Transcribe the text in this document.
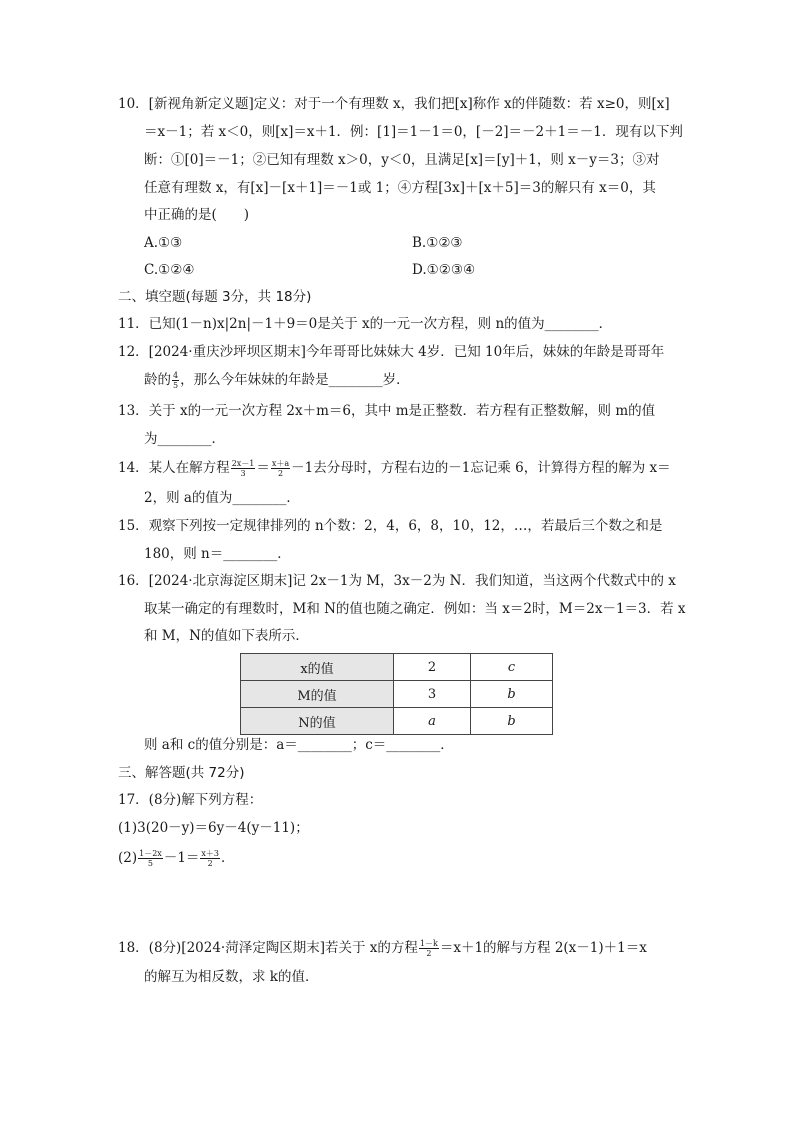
10．[新视角新定义题]定义：对于一个有理数 x，我们把[x]称作 x的伴随数：若 x≥0，则[x]
＝x－1；若 x＜0，则[x]＝x＋1．例：[1]＝1－1＝0，[－2]＝－2＋1＝－1．现有以下判
断：①[0]＝－1；②已知有理数 x＞0，y＜0，且满足[x]＝[y]＋1，则 x－y＝3；③对
任意有理数 x，有[x]－[x＋1]＝－1或 1；④方程[3x]＋[x＋5]＝3的解只有 x＝0，其
中正确的是(　　)
A.①③	B.①②③
C.①②④	D.①②③④
二、填空题(每题 3分，共 18分)
11．已知(1－n)x|2n|－1＋9＝0是关于 x的一元一次方程，则 n的值为________．
12．[2024·重庆沙坪坝区期末]今年哥哥比妹妹大 4岁．已知 10年后，妹妹的年龄是哥哥年
龄的 $\frac{4}{5}$ ，那么今年妹妹的年龄是________岁．
13．关于 x的一元一次方程 2x＋m＝6，其中 m是正整数．若方程有正整数解，则 m的值
为________．
14．某人在解方程 $\frac{2x-1}{3} = \frac{x+a}{2} -1$去分母时，方程右边的－1忘记乘 6，计算得方程的解为 x＝
2，则 a的值为________．
15．观察下列按一定规律排列的 n个数：2，4，6，8，10，12，…，若最后三个数之和是
180，则 n＝________．
16．[2024·北京海淀区期末]记 2x－1为 M，3x－2为 N．我们知道，当这两个代数式中的 x
取某一确定的有理数时，M和 N的值也随之确定．例如：当 x＝2时，M＝2x－1＝3．若 x
和 M，N的值如下表所示．
x的值	2	c
M的值	3	b
N的值	a	b
则 a和 c的值分别是：a＝________；c＝________．
三、解答题(共 72分)
17．(8分)解下列方程：
(1)3(20－y)＝6y－4(y－11)；
$(2) \frac{1-2x}{5} -1= \frac{x+3}{2}$ ．
18．(8分)[2024·菏泽定陶区期末]若关于 x的方程 $\frac{1-k}{2} =x+1$的解与方程 2(x－1)＋1＝x
的解互为相反数，求 k的值．
